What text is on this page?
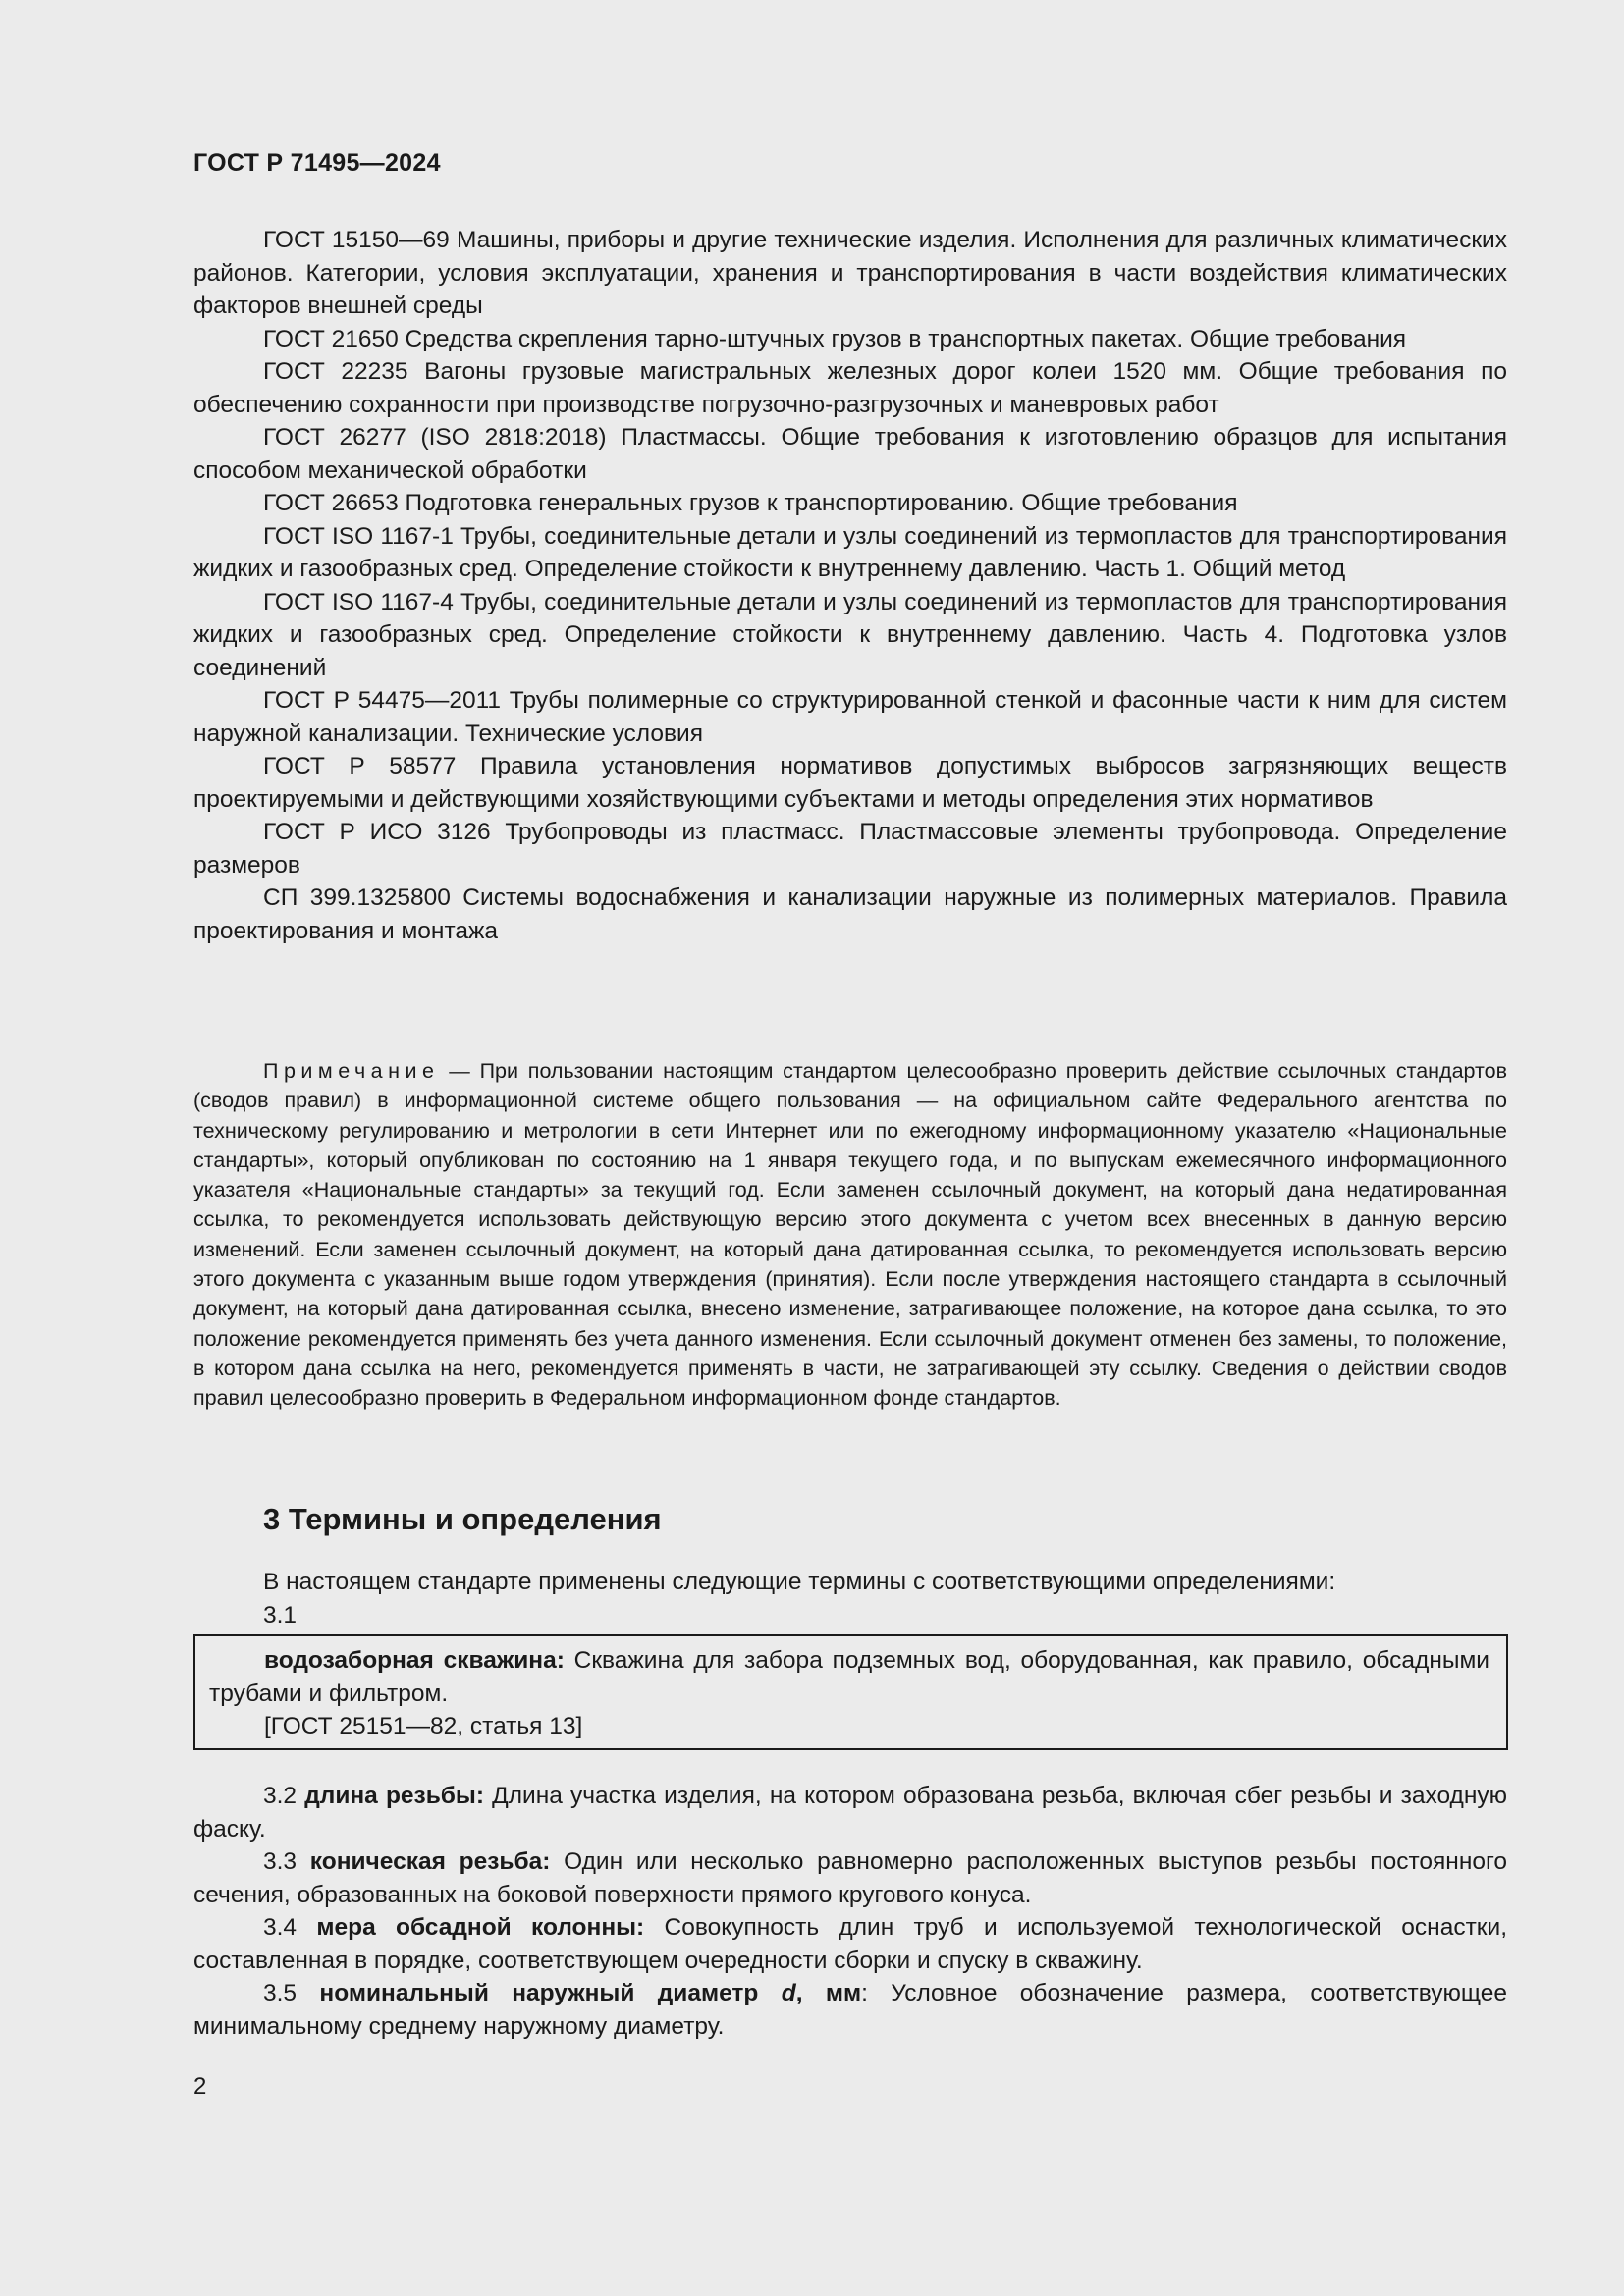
ГОСТ Р 71495—2024

ГОСТ 15150—69 Машины, приборы и другие технические изделия. Исполнения для различных климатических районов. Категории, условия эксплуатации, хранения и транспортирования в части воздействия климатических факторов внешней среды

ГОСТ 21650 Средства скрепления тарно-штучных грузов в транспортных пакетах. Общие требования

ГОСТ 22235 Вагоны грузовые магистральных железных дорог колеи 1520 мм. Общие требования по обеспечению сохранности при производстве погрузочно-разгрузочных и маневровых работ

ГОСТ 26277 (ISO 2818:2018) Пластмассы. Общие требования к изготовлению образцов для испытания способом механической обработки

ГОСТ 26653 Подготовка генеральных грузов к транспортированию. Общие требования

ГОСТ ISO 1167-1 Трубы, соединительные детали и узлы соединений из термопластов для транспортирования жидких и газообразных сред. Определение стойкости к внутреннему давлению. Часть 1. Общий метод

ГОСТ ISO 1167-4 Трубы, соединительные детали и узлы соединений из термопластов для транспортирования жидких и газообразных сред. Определение стойкости к внутреннему давлению. Часть 4. Подготовка узлов соединений

ГОСТ Р 54475—2011 Трубы полимерные со структурированной стенкой и фасонные части к ним для систем наружной канализации. Технические условия

ГОСТ Р 58577 Правила установления нормативов допустимых выбросов загрязняющих веществ проектируемыми и действующими хозяйствующими субъектами и методы определения этих нормативов

ГОСТ Р ИСО 3126 Трубопроводы из пластмасс. Пластмассовые элементы трубопровода. Определение размеров

СП 399.1325800 Системы водоснабжения и канализации наружные из полимерных материалов. Правила проектирования и монтажа

Примечание — При пользовании настоящим стандартом целесообразно проверить действие ссылочных стандартов (сводов правил) в информационной системе общего пользования — на официальном сайте Федерального агентства по техническому регулированию и метрологии в сети Интернет или по ежегодному информационному указателю «Национальные стандарты», который опубликован по состоянию на 1 января текущего года, и по выпускам ежемесячного информационного указателя «Национальные стандарты» за текущий год. Если заменен ссылочный документ, на который дана недатированная ссылка, то рекомендуется использовать действующую версию этого документа с учетом всех внесенных в данную версию изменений. Если заменен ссылочный документ, на который дана датированная ссылка, то рекомендуется использовать версию этого документа с указанным выше годом утверждения (принятия). Если после утверждения настоящего стандарта в ссылочный документ, на который дана датированная ссылка, внесено изменение, затрагивающее положение, на которое дана ссылка, то это положение рекомендуется применять без учета данного изменения. Если ссылочный документ отменен без замены, то положение, в котором дана ссылка на него, рекомендуется применять в части, не затрагивающей эту ссылку. Сведения о действии сводов правил целесообразно проверить в Федеральном информационном фонде стандартов.

3 Термины и определения

В настоящем стандарте применены следующие термины с соответствующими определениями:

3.1

водозаборная скважина: Скважина для забора подземных вод, оборудованная, как правило, обсадными трубами и фильтром.

[ГОСТ 25151—82, статья 13]

3.2 длина резьбы: Длина участка изделия, на котором образована резьба, включая сбег резьбы и заходную фаску.

3.3 коническая резьба: Один или несколько равномерно расположенных выступов резьбы постоянного сечения, образованных на боковой поверхности прямого кругового конуса.

3.4 мера обсадной колонны: Совокупность длин труб и используемой технологической оснастки, составленная в порядке, соответствующем очередности сборки и спуску в скважину.

3.5 номинальный наружный диаметр d, мм: Условное обозначение размера, соответствующее минимальному среднему наружному диаметру.

2
